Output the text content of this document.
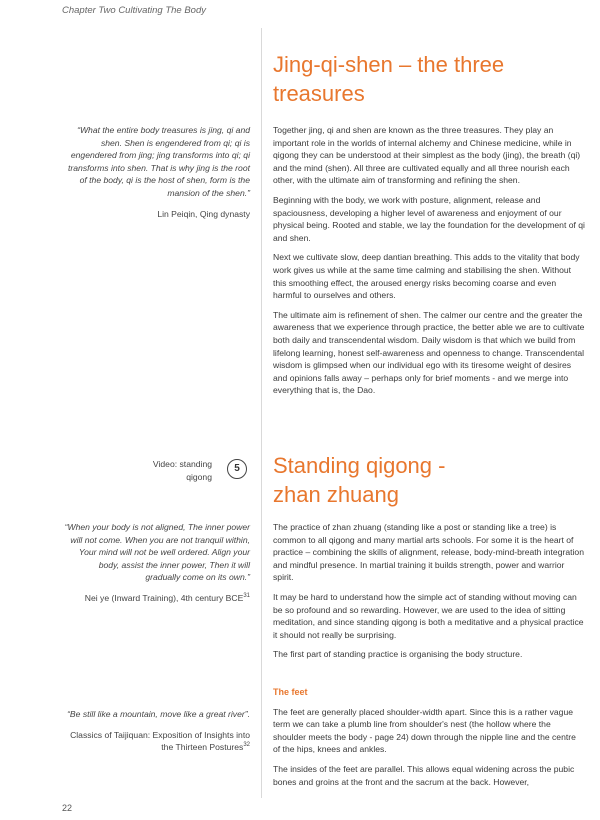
Chapter Two Cultivating The Body
Jing-qi-shen – the three
treasures
“What the entire body treasures is jing, qi and shen. Shen is engendered from qi; qi is engendered from jing; jing transforms into qi; qi transforms into shen. That is why jing is the root of the body, qi is the host of shen, form is the mansion of the shen.”
Lin Peiqin, Qing dynasty

Together jing, qi and shen are known as the three treasures. They play an important role in the worlds of internal alchemy and Chinese medicine, while in qigong they can be understood at their simplest as the body (jing), the breath (qi) and the mind (shen). All three are cultivated equally and all three nourish each other, with the ultimate aim of transforming and refining the shen.

Beginning with the body, we work with posture, alignment, release and spaciousness, developing a higher level of awareness and enjoyment of our physical being. Rooted and stable, we lay the foundation for the development of qi and shen.

Next we cultivate slow, deep dantian breathing. This adds to the vitality that body work gives us while at the same time calming and stabilising the shen. Without this smoothing effect, the aroused energy risks becoming coarse and even harmful to ourselves and others.

The ultimate aim is refinement of shen. The calmer our centre and the greater the awareness that we experience through practice, the better able we are to cultivate both daily and transcendental wisdom. Daily wisdom is that which we build from lifelong learning, honest self-awareness and openness to change. Transcendental wisdom is glimpsed when our individual ego with its tiresome weight of desires and opinions falls away – perhaps only for brief moments - and we merge into everything that is, the Dao.

Video: standing
qigong
5	Standing qigong -
zhan zhuang
“When your body is not aligned, The inner power will not come. When you are not tranquil within, Your mind will not be well ordered. Align your body, assist the inner power, Then it will gradually come on its own.”
Nei ye (Inward Training), 4th century BCE$^{31}$

The practice of zhan zhuang (standing like a post or standing like a tree) is common to all qigong and many martial arts schools. For some it is the heart of practice – combining the skills of alignment, release, body-mind-breath integration and mindful presence. In martial training it builds strength, power and warrior spirit.

It may be hard to understand how the simple act of standing without moving can be so profound and so rewarding. However, we are used to the idea of sitting meditation, and since standing qigong is both a meditative and a physical practice it should not really be surprising.

The first part of standing practice is organising the body structure.

“Be still like a mountain, move like a great river”.
Classics of Taijiquan: Exposition of Insights into the Thirteen Postures$^{32}$
The feet

The feet are generally placed shoulder-width apart. Since this is a rather vague term we can take a plumb line from shoulder's nest (the hollow where the shoulder meets the body - page 24) down through the nipple line and the centre of the hips, knees and ankles.

The insides of the feet are parallel. This allows equal widening across the pubic bones and groins at the front and the sacrum at the back. However,

22
